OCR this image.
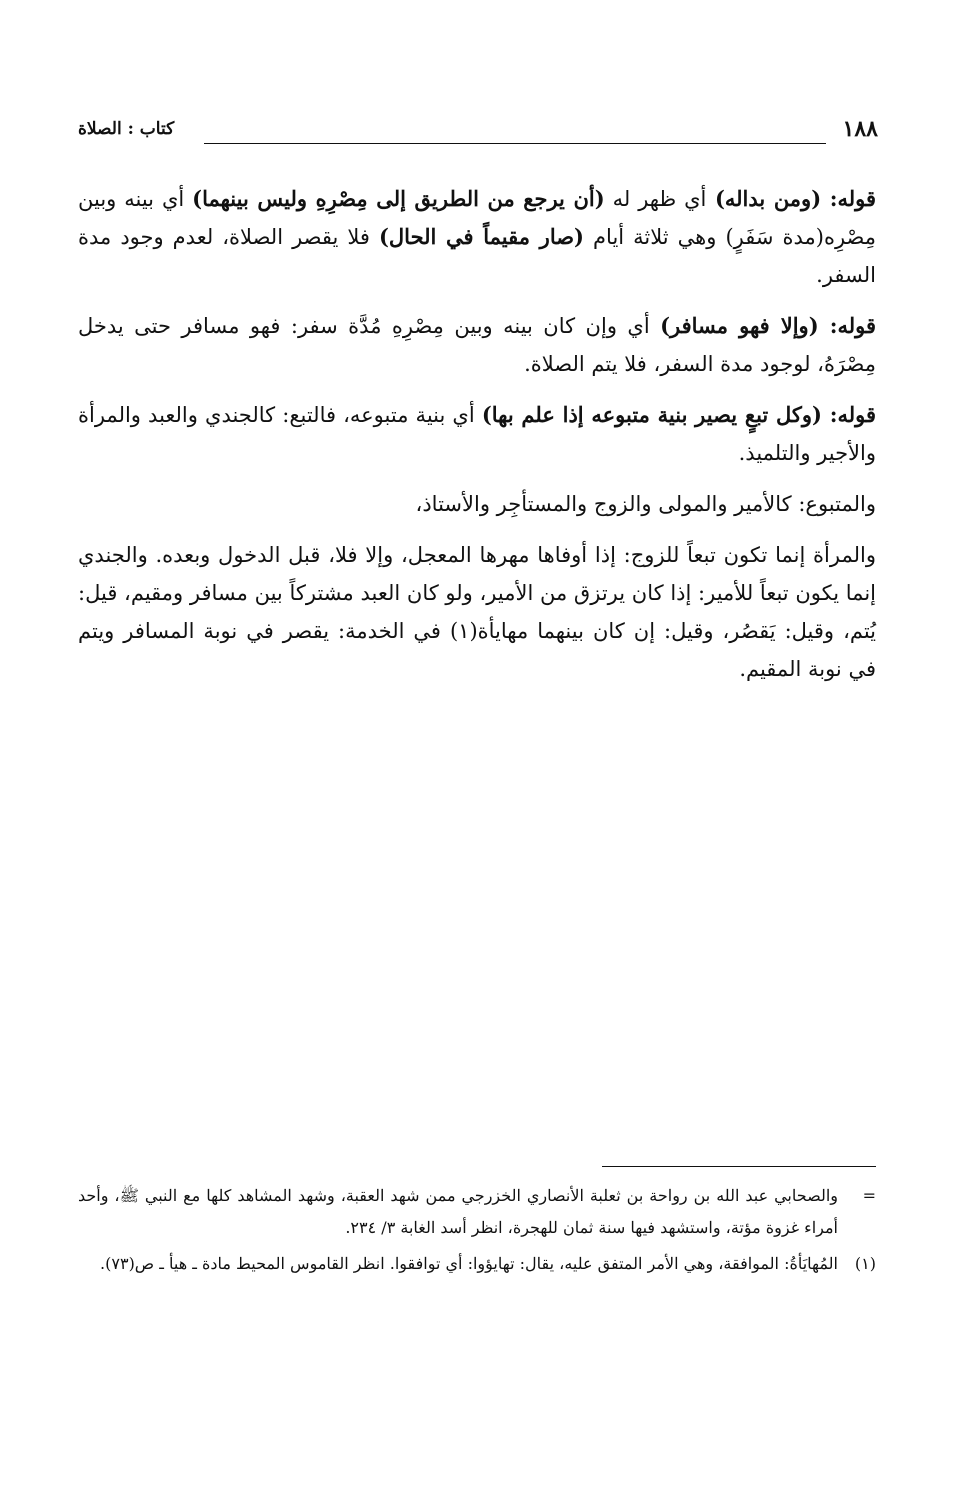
١٨٨
كتاب : الصلاة

قوله: (ومن بداله) أي ظهر له (أن يرجع من الطريق إلى مِصْرِهِ وليس بينهما) أي بينه وبين مِصْرِه(مدة سَفَرٍ) وهي ثلاثة أيام (صار مقيماً في الحال) فلا يقصر الصلاة، لعدم وجود مدة السفر.

قوله: (وإلا فهو مسافر) أي وإن كان بينه وبين مِصْرِهِ مُدَّة سفر: فهو مسافر حتى يدخل مِصْرَهُ، لوجود مدة السفر، فلا يتم الصلاة.

قوله: (وكل تبعٍ يصير بنية متبوعه إذا علم بها) أي بنية متبوعه، فالتبع: كالجندي والعبد والمرأة والأجير والتلميذ.

والمتبوع: كالأمير والمولى والزوج والمستأجِر والأستاذ،

والمرأة إنما تكون تبعاً للزوج: إذا أوفاها مهرها المعجل، وإلا فلا، قبل الدخول وبعده. والجندي إنما يكون تبعاً للأمير: إذا كان يرتزق من الأمير، ولو كان العبد مشتركاً بين مسافر ومقيم، قيل: يُتم، وقيل: يَقصُر، وقيل: إن كان بينهما مهايأة(١) في الخدمة: يقصر في نوبة المسافر ويتم في نوبة المقيم.

=
والصحابي عبد الله بن رواحة بن ثعلبة الأنصاري الخزرجي ممن شهد العقبة، وشهد المشاهد كلها مع النبي ﷺ، وأحد أمراء غزوة مؤتة، واستشهد فيها سنة ثمان للهجرة، انظر أسد الغابة ٣/ ٢٣٤.
(١)
المُهايَأةُ: الموافقة، وهي الأمر المتفق عليه، يقال: تهايؤوا: أي توافقوا. انظر القاموس المحيط مادة ـ هيأ ـ ص(٧٣).
